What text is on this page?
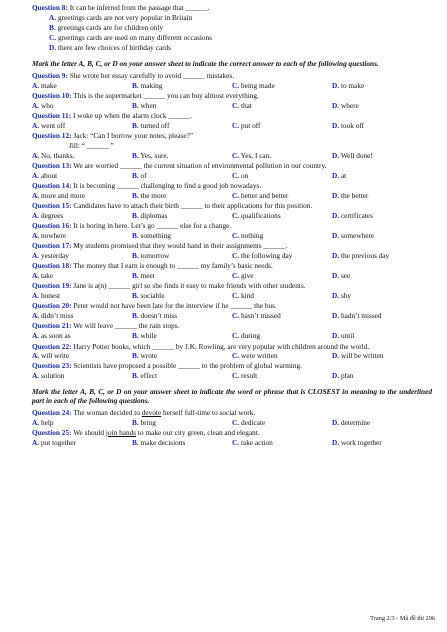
Question 8: It can be inferred from the passage that ______.
A. greetings cards are not very popular in Britain
B. greetings cards are for children only
C. greetings cards are used on many different occasions
D. there are few choices of birthday cards
Mark the letter A, B, C, or D on your answer sheet to indicate the correct answer to each of the following questions.
Question 9: She wrote her essay carefully to avoid ______ mistakes.
A. make	B. making	C. being made	D. to make
Question 10: This is the supermarket ______ you can buy almost everything.
A. who	B. when	C. that	D. where
Question 11: I woke up when the alarm clock ______.
A. went off	B. turned off	C. put off	D. took off
Question 12: Jack: “Can I borrow your notes, please?”
Jill: “ ______ ”
A. No, thanks.	B. Yes, sure.	C. Yes, I can.	D. Well done!
Question 13: We are worried ______ the current situation of environmental pollution in our country.
A. about	B. of	C. on	D. at
Question 14: It is becoming ______ challenging to find a good job nowadays.
A. more and more	B. the more	C. better and better	D. the better
Question 15: Candidates have to attach their birth ______ to their applications for this position.
A. degrees	B. diplomas	C. qualifications	D. certificates
Question 16: It is boring in here. Let’s go ______ else for a change.
A. nowhere	B. something	C. nothing	D. somewhere
Question 17: My students promised that they would hand in their assignments ______.
A. yesterday	B. tomorrow	C. the following day	D. the previous day
Question 18: The money that I earn is enough to ______ my family’s basic needs.
A. take	B. meet	C. give	D. see
Question 19: Jane is a(n) ______ girl so she finds it easy to make friends with other students.
A. honest	B. sociable	C. kind	D. shy
Question 20: Peter would not have been late for the interview if he ______ the bus.
A. didn’t miss	B. doesn’t miss	C. hasn’t missed	D. hadn’t missed
Question 21: We will leave ______ the rain stops.
A. as soon as	B. while	C. during	D. until
Question 22: Harry Potter books, which ______ by J.K. Rowling, are very popular with children around the world.
A. will write	B. wrote	C. were written	D. will be written
Question 23: Scientists have proposed a possible ______ to the problem of global warming.
A. solution	B. effect	C. result	D. plan
Mark the letter A, B, C, or D on your answer sheet to indicate the word or phrase that is CLOSEST in meaning to the underlined part in each of the following questions.
Question 24: The woman decided to devote herself full-time to social work.
A. help	B. bring	C. dedicate	D. determine
Question 25: We should join hands to make our city green, clean and elegant.
A. put together	B. make decisions	C. take action	D. work together
Trang 2/3 - Mã đề thi 296
